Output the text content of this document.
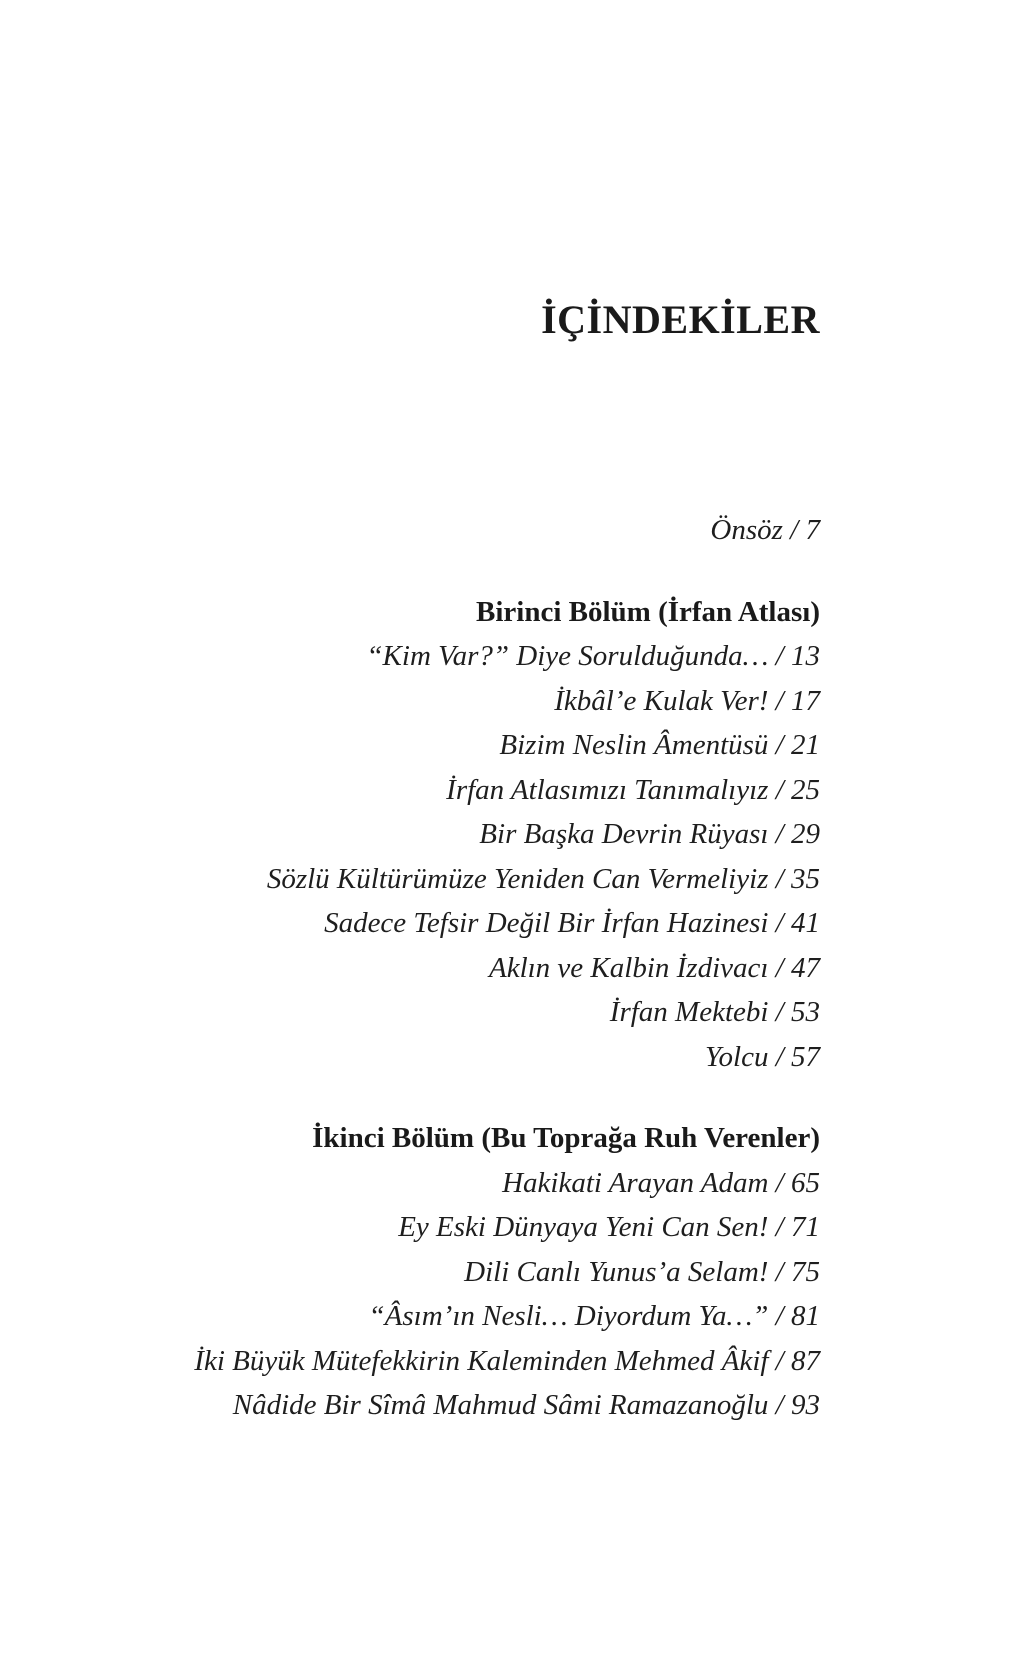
İÇİNDEKİLER
Önsöz / 7
Birinci Bölüm (İrfan Atlası)
“Kim Var?” Diye Sorulduğunda… / 13
İkbâl’e Kulak Ver! / 17
Bizim Neslin Âmentüsü / 21
İrfan Atlasımızı Tanımalıyız / 25
Bir Başka Devrin Rüyası / 29
Sözlü Kültürümüze Yeniden Can Vermeliyiz / 35
Sadece Tefsir Değil Bir İrfan Hazinesi / 41
Aklın ve Kalbin İzdivacı / 47
İrfan Mektebi / 53
Yolcu / 57
İkinci Bölüm (Bu Toprağa Ruh Verenler)
Hakikati Arayan Adam / 65
Ey Eski Dünyaya Yeni Can Sen! / 71
Dili Canlı Yunus’a Selam! / 75
“Âsım’ın Nesli… Diyordum Ya…” / 81
İki Büyük Mütefekkirin Kaleminden Mehmed Âkif / 87
Nâdide Bir Sîmâ Mahmud Sâmi Ramazanoğlu / 93
